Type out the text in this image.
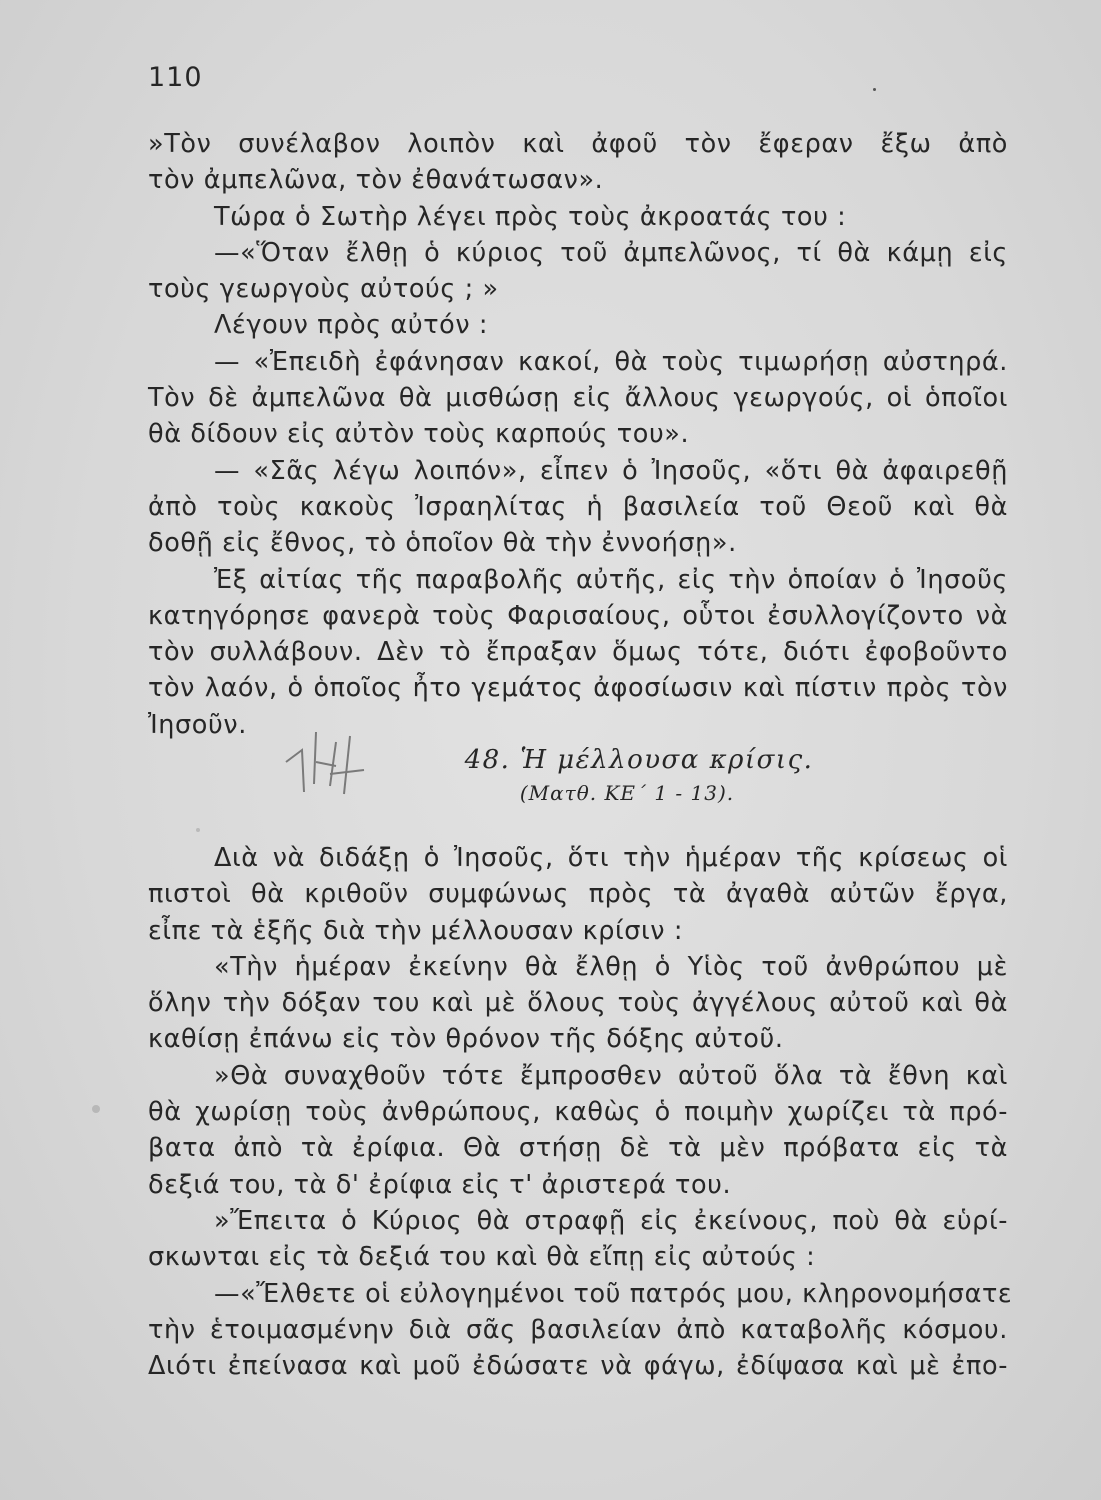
110
»Τὸν συνέλαβον λοιπὸν καὶ ἀφοῦ τὸν ἔφεραν ἔξω ἀπὸ
τὸν ἀμπελῶνα, τὸν ἐθανάτωσαν».
Τώρα ὁ Σωτὴρ λέγει πρὸς τοὺς ἀκροατάς του :
—«Ὅταν ἔλθῃ ὁ κύριος τοῦ ἀμπελῶνος, τί θὰ κάμῃ εἰς
τοὺς γεωργοὺς αὐτούς ; »
Λέγουν πρὸς αὐτόν :
— «Ἐπειδὴ ἐφάνησαν κακοί, θὰ τοὺς τιμωρήσῃ αὐστηρά.
Τὸν δὲ ἀμπελῶνα θὰ μισθώσῃ εἰς ἄλλους γεωργούς, οἱ ὁποῖοι
θὰ δίδουν εἰς αὐτὸν τοὺς καρπούς του».
— «Σᾶς λέγω λοιπόν», εἶπεν ὁ Ἰησοῦς, «ὅτι θὰ ἀφαιρεθῇ
ἀπὸ τοὺς κακοὺς Ἰσραηλίτας ἡ βασιλεία τοῦ Θεοῦ καὶ θὰ
δοθῇ εἰς ἔθνος, τὸ ὁποῖον θὰ τὴν ἐννοήσῃ».
Ἐξ αἰτίας τῆς παραβολῆς αὐτῆς, εἰς τὴν ὁποίαν ὁ Ἰησοῦς
κατηγόρησε φανερὰ τοὺς Φαρισαίους, οὗτοι ἐσυλλογίζοντο νὰ
τὸν συλλάβουν. Δὲν τὸ ἔπραξαν ὅμως τότε, διότι ἐφοβοῦντο
τὸν λαόν, ὁ ὁποῖος ἦτο γεμάτος ἀφοσίωσιν καὶ πίστιν πρὸς τὸν
Ἰησοῦν.
48. Ἡ μέλλουσα κρίσις.
(Ματθ. ΚΕ΄ 1 - 13).
Διὰ νὰ διδάξῃ ὁ Ἰησοῦς, ὅτι τὴν ἡμέραν τῆς κρίσεως οἱ
πιστοὶ θὰ κριθοῦν συμφώνως πρὸς τὰ ἀγαθὰ αὐτῶν ἔργα,
εἶπε τὰ ἑξῆς διὰ τὴν μέλλουσαν κρίσιν :
«Τὴν ἡμέραν ἐκείνην θὰ ἔλθῃ ὁ Υἱὸς τοῦ ἀνθρώπου μὲ
ὅλην τὴν δόξαν του καὶ μὲ ὅλους τοὺς ἀγγέλους αὐτοῦ καὶ θὰ
καθίσῃ ἐπάνω εἰς τὸν θρόνον τῆς δόξης αὐτοῦ.
»Θὰ συναχθοῦν τότε ἔμπροσθεν αὐτοῦ ὅλα τὰ ἔθνη καὶ
θὰ χωρίσῃ τοὺς ἀνθρώπους, καθὼς ὁ ποιμὴν χωρίζει τὰ πρό-
βατα ἀπὸ τὰ ἐρίφια. Θὰ στήσῃ δὲ τὰ μὲν πρόβατα εἰς τὰ
δεξιά του, τὰ δ' ἐρίφια εἰς τ' ἀριστερά του.
»Ἔπειτα ὁ Κύριος θὰ στραφῇ εἰς ἐκείνους, ποὺ θὰ εὑρί-
σκωνται εἰς τὰ δεξιά του καὶ θὰ εἴπῃ εἰς αὐτούς :
—«Ἔλθετε οἱ εὐλογημένοι τοῦ πατρός μου, κληρονομήσατε
τὴν ἑτοιμασμένην διὰ σᾶς βασιλείαν ἀπὸ καταβολῆς κόσμου.
Διότι ἐπείνασα καὶ μοῦ ἐδώσατε νὰ φάγω, ἐδίψασα καὶ μὲ ἐπο-
